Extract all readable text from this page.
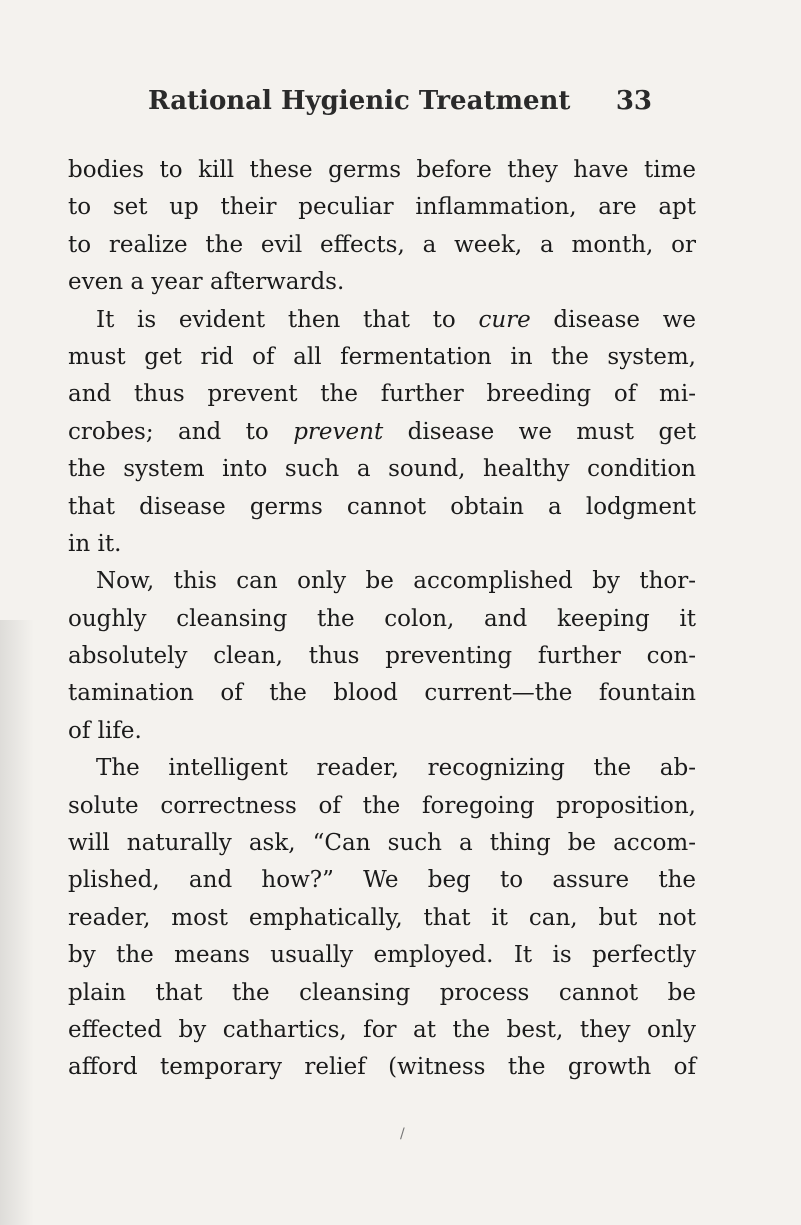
Rational Hygienic Treatment 33
bodies to kill these germs before they have time
to set up their peculiar inflammation, are apt
to realize the evil effects, a week, a month, or
even a year afterwards.
It is evident then that to cure disease we
must get rid of all fermentation in the system,
and thus prevent the further breeding of mi-
crobes; and to prevent disease we must get
the system into such a sound, healthy condition
that disease germs cannot obtain a lodgment
in it.
Now, this can only be accomplished by thor-
oughly cleansing the colon, and keeping it
absolutely clean, thus preventing further con-
tamination of the blood current—the fountain
of life.
The intelligent reader, recognizing the ab-
solute correctness of the foregoing proposition,
will naturally ask, “Can such a thing be accom-
plished, and how?” We beg to assure the
reader, most emphatically, that it can, but not
by the means usually employed. It is perfectly
plain that the cleansing process cannot be
effected by cathartics, for at the best, they only
afford temporary relief (witness the growth of
/
